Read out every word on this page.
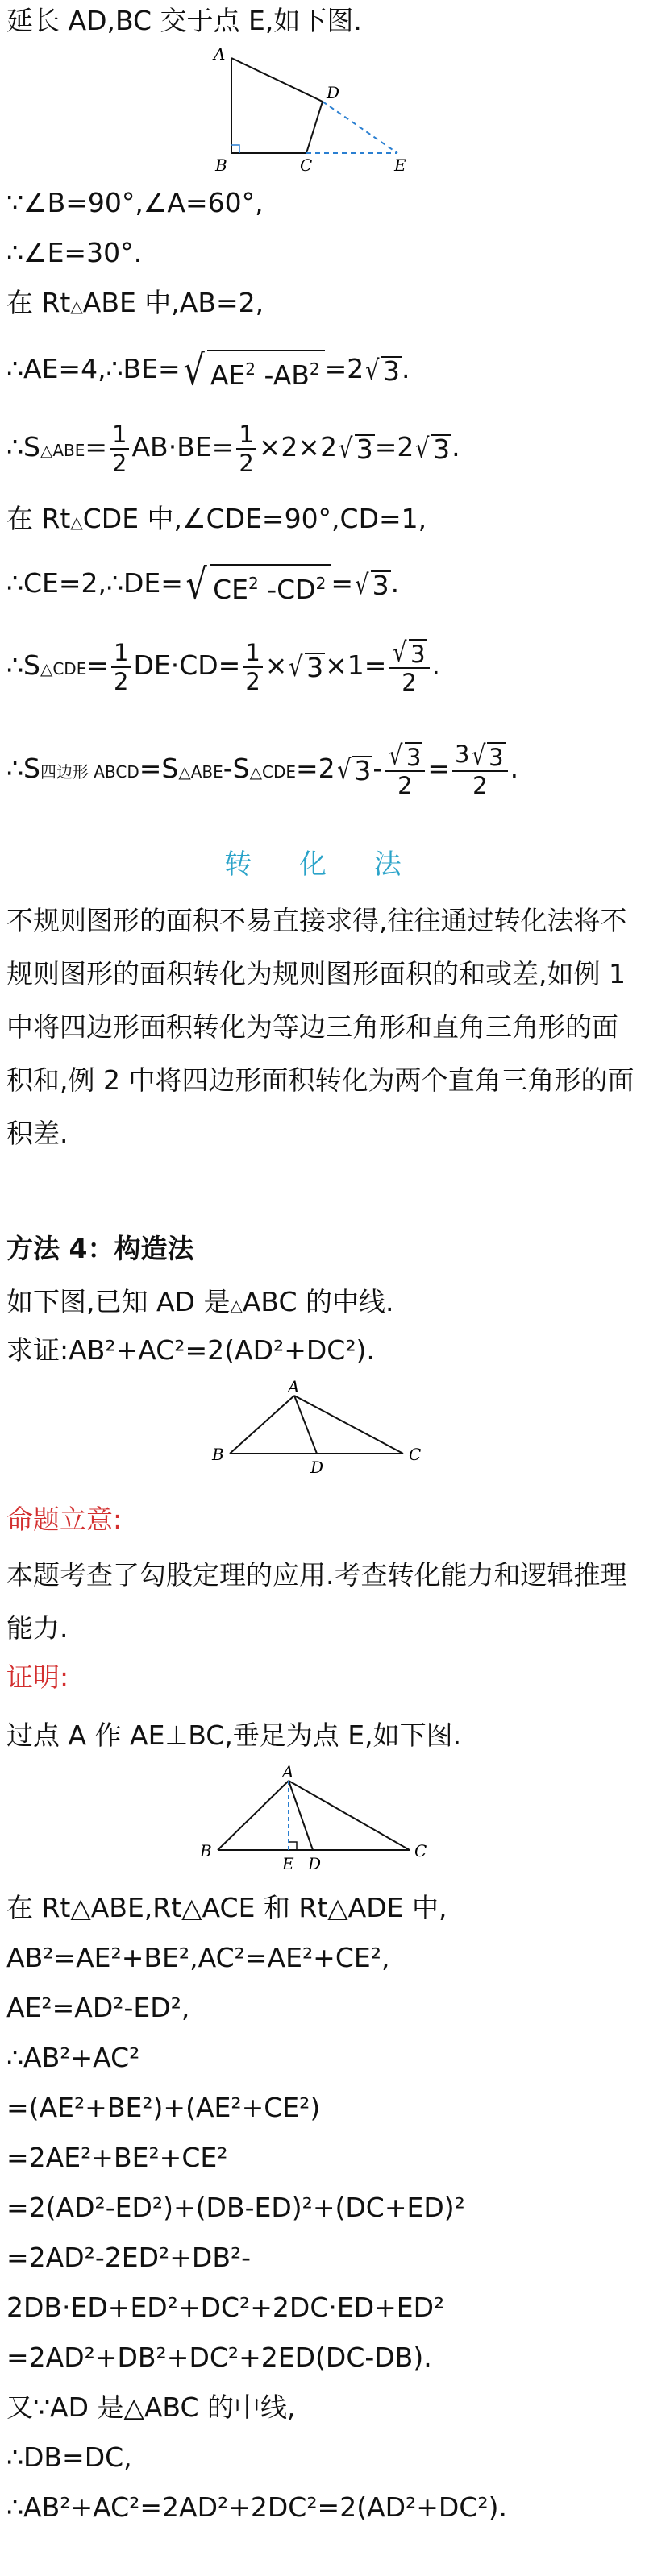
延长 AD,BC 交于点 E,如下图.
A
B	C
D
E
∵∠B=90°,∠A=60°,
∴∠E=30°.
在 Rt△ABE 中,AB=2,
∴AE=4,∴BE= √ $AE^2$ $-AB^2 =2$ √ 3 .
∴S△ABE= $\frac{1}{2} AB\cdot BE= \frac{1}{2} \times 2\times 2$ √ 3 =2 √ 3 .
在 Rt△CDE 中,∠CDE=90°,CD=1,
∴CE=2,∴DE= √ $CE^2$ $-CD^2$ = √ 3 .
∴S△CDE= $\frac{1}{2} DE\cdot CD= \frac{1}{2}$ × √ $3 \times 1= \frac{√ 3}{2}$ .
∴S四边形 ABCD=S△ABE-S△CDE=2 √ $3 - \frac{√ 3}{2} = \frac{3 √ 3}{2}$ .
转 化 法
不规则图形的面积不易直接求得,往往通过转化法将不规则图形的面积转化为规则图形面积的和或差,如例 1 中将四边形面积转化为等边三角形和直角三角形的面积和,例 2 中将四边形面积转化为两个直角三角形的面积差.
方法 4：构造法
如下图,已知 AD 是△ABC 的中线.
求证:AB²+AC²=2(AD²+DC²).
A
B
D
C
命题立意:
本题考查了勾股定理的应用.考查转化能力和逻辑推理能力.
证明:
过点 A 作 AE⊥BC,垂足为点 E,如下图.
A
B
E D
C
在 Rt△ABE,Rt△ACE 和 Rt△ADE 中,
AB²=AE²+BE²,AC²=AE²+CE²,
AE²=AD²-ED²,
∴AB²+AC²
=(AE²+BE²)+(AE²+CE²)
=2AE²+BE²+CE²
=2(AD²-ED²)+(DB-ED)²+(DC+ED)²
=2AD²-2ED²+DB²-
2DB·ED+ED²+DC²+2DC·ED+ED²
=2AD²+DB²+DC²+2ED(DC-DB).
又∵AD 是△ABC 的中线,
∴DB=DC,
∴AB²+AC²=2AD²+2DC²=2(AD²+DC²).
